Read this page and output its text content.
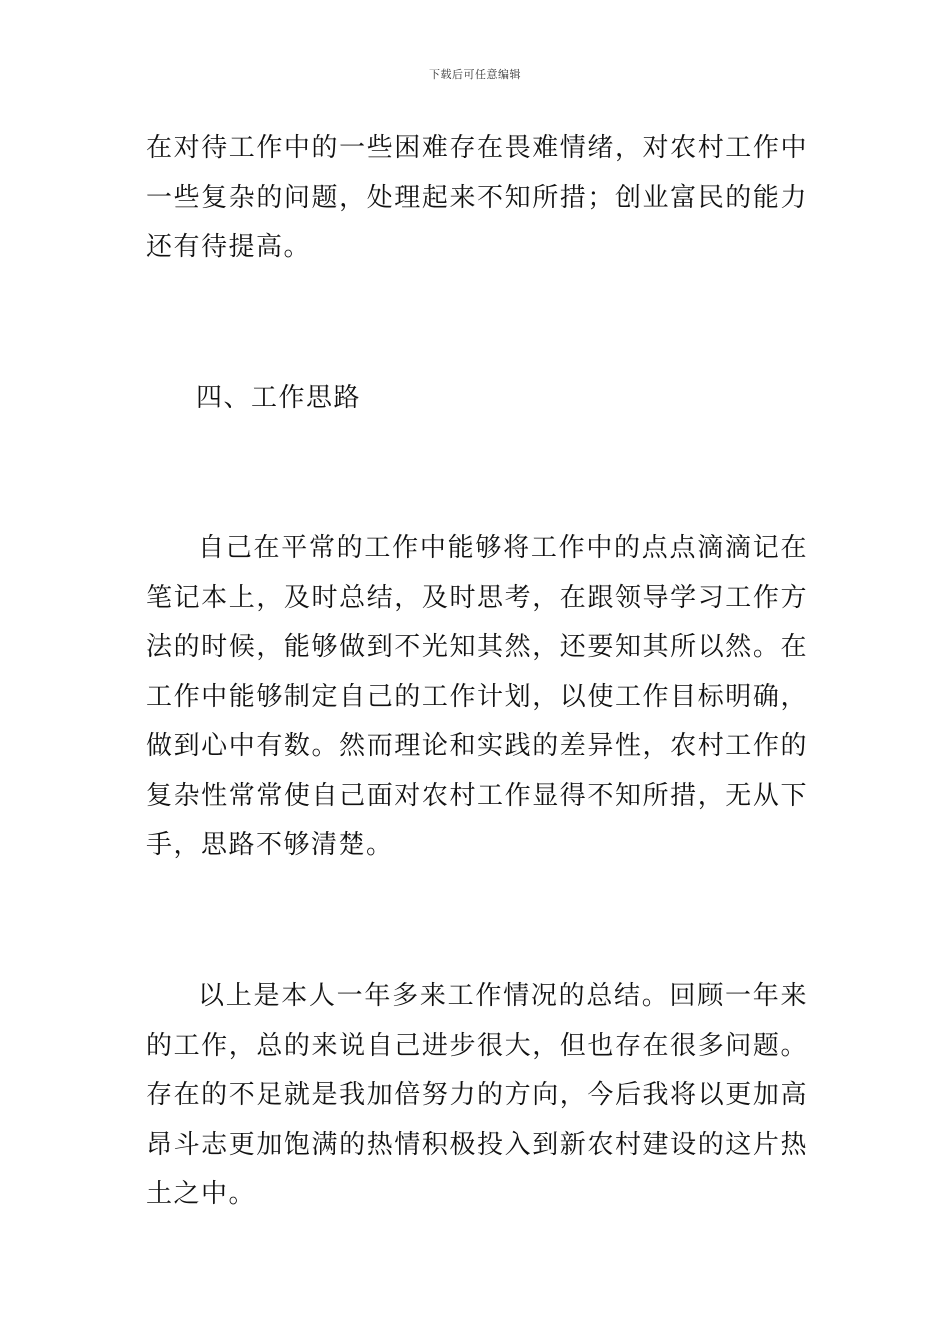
下载后可任意编辑

在对待工作中的一些困难存在畏难情绪，对农村工作中一些复杂的问题，处理起来不知所措；创业富民的能力还有待提高。

四、工作思路

自己在平常的工作中能够将工作中的点点滴滴记在笔记本上，及时总结，及时思考，在跟领导学习工作方法的时候，能够做到不光知其然，还要知其所以然。在工作中能够制定自己的工作计划，以使工作目标明确，做到心中有数。然而理论和实践的差异性，农村工作的复杂性常常使自己面对农村工作显得不知所措，无从下手，思路不够清楚。

以上是本人一年多来工作情况的总结。回顾一年来的工作，总的来说自己进步很大，但也存在很多问题。存在的不足就是我加倍努力的方向，今后我将以更加高昂斗志更加饱满的热情积极投入到新农村建设的这片热土之中。
